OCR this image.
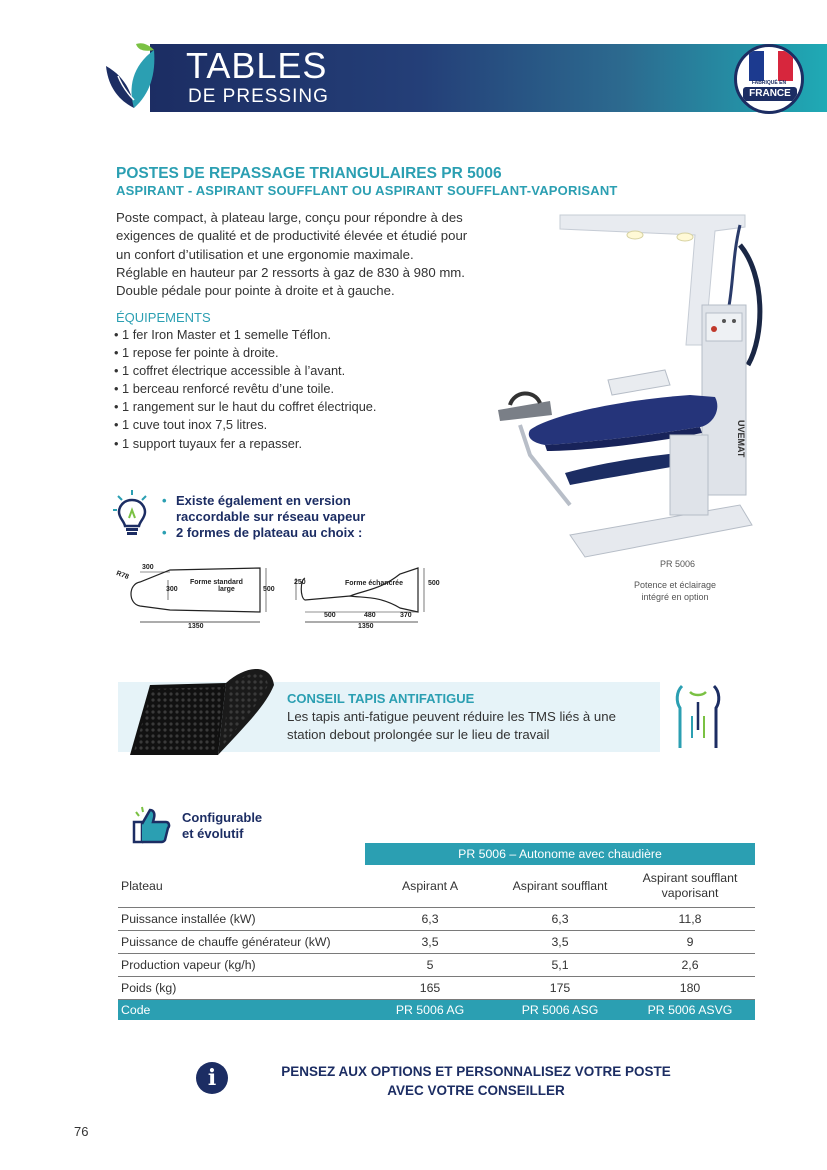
TABLES
DE PRESSING
FABRIQUÉ EN
FRANCE
POSTES DE REPASSAGE TRIANGULAIRES PR 5006
ASPIRANT - ASPIRANT SOUFFLANT OU ASPIRANT SOUFFLANT-VAPORISANT
Poste compact, à plateau large, conçu pour répondre à des
exigences de qualité et de productivité élevée et étudié pour
un confort d’utilisation et une ergonomie maximale.
Réglable en hauteur par 2 ressorts à gaz de 830 à 980 mm.
Double pédale pour pointe à droite et à gauche.
ÉQUIPEMENTS
• 1 fer Iron Master et 1 semelle Téflon.
• 1 repose fer pointe à droite.
• 1 coffret électrique accessible à l’avant.
• 1 berceau renforcé revêtu d’une toile.
• 1 rangement sur le haut du coffret électrique.
• 1 cuve tout inox 7,5 litres.
• 1 support tuyaux fer a repasser.	UVEMAT
PR 5006
Potence et éclairage
intégré en option
• Existe également en version
raccordable sur réseau vapeur
• 2 formes de plateau au choix :
R78
300
300
Forme standard
large	500
1350
250	Forme échancrée	500
500	480	370
1350
CONSEIL TAPIS ANTIFATIGUE
Les tapis anti-fatigue peuvent réduire les TMS liés à une
station debout prolongée sur le lieu de travail
Configurable
et évolutif
	PR 5006 – Autonome avec chaudière		
Plateau	Aspirant A	Aspirant soufflant	Aspirant soufflant vaporisant
Puissance installée (kW)	6,3	6,3	11,8
Puissance de chauffe générateur (kW)	3,5	3,5	9
Production vapeur (kg/h)	5	5,1	2,6
Poids (kg)	165	175	180
Code	PR 5006 AG	PR 5006 ASG	PR 5006 ASVG
i	PENSEZ AUX OPTIONS ET PERSONNALISEZ VOTRE POSTE
AVEC VOTRE CONSEILLER
76
